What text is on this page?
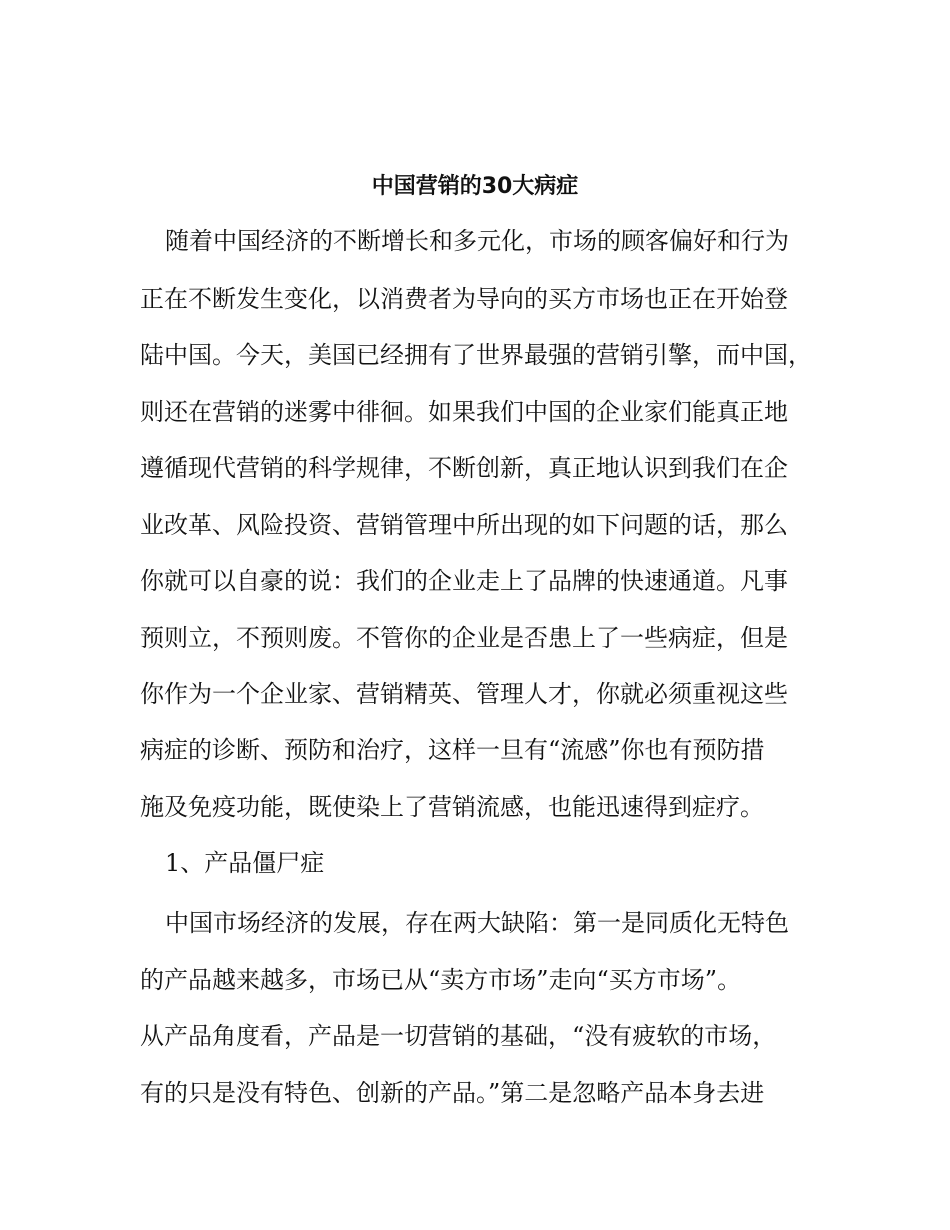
中国营销的30大病症

随着中国经济的不断增长和多元化，市场的顾客偏好和行为

正在不断发生变化，以消费者为导向的买方市场也正在开始登

陆中国。今天，美国已经拥有了世界最强的营销引擎，而中国，

则还在营销的迷雾中徘徊。如果我们中国的企业家们能真正地

遵循现代营销的科学规律，不断创新，真正地认识到我们在企

业改革、风险投资、营销管理中所出现的如下问题的话，那么

你就可以自豪的说：我们的企业走上了品牌的快速通道。凡事

预则立，不预则废。不管你的企业是否患上了一些病症，但是

你作为一个企业家、营销精英、管理人才，你就必须重视这些

病症的诊断、预防和治疗，这样一旦有“流感”你也有预防措

施及免疫功能，既使染上了营销流感，也能迅速得到症疗。

1、产品僵尸症

中国市场经济的发展，存在两大缺陷：第一是同质化无特色

的产品越来越多，市场已从“卖方市场”走向“买方市场”。

从产品角度看，产品是一切营销的基础，“没有疲软的市场，

有的只是没有特色、创新的产品。”第二是忽略产品本身去进
